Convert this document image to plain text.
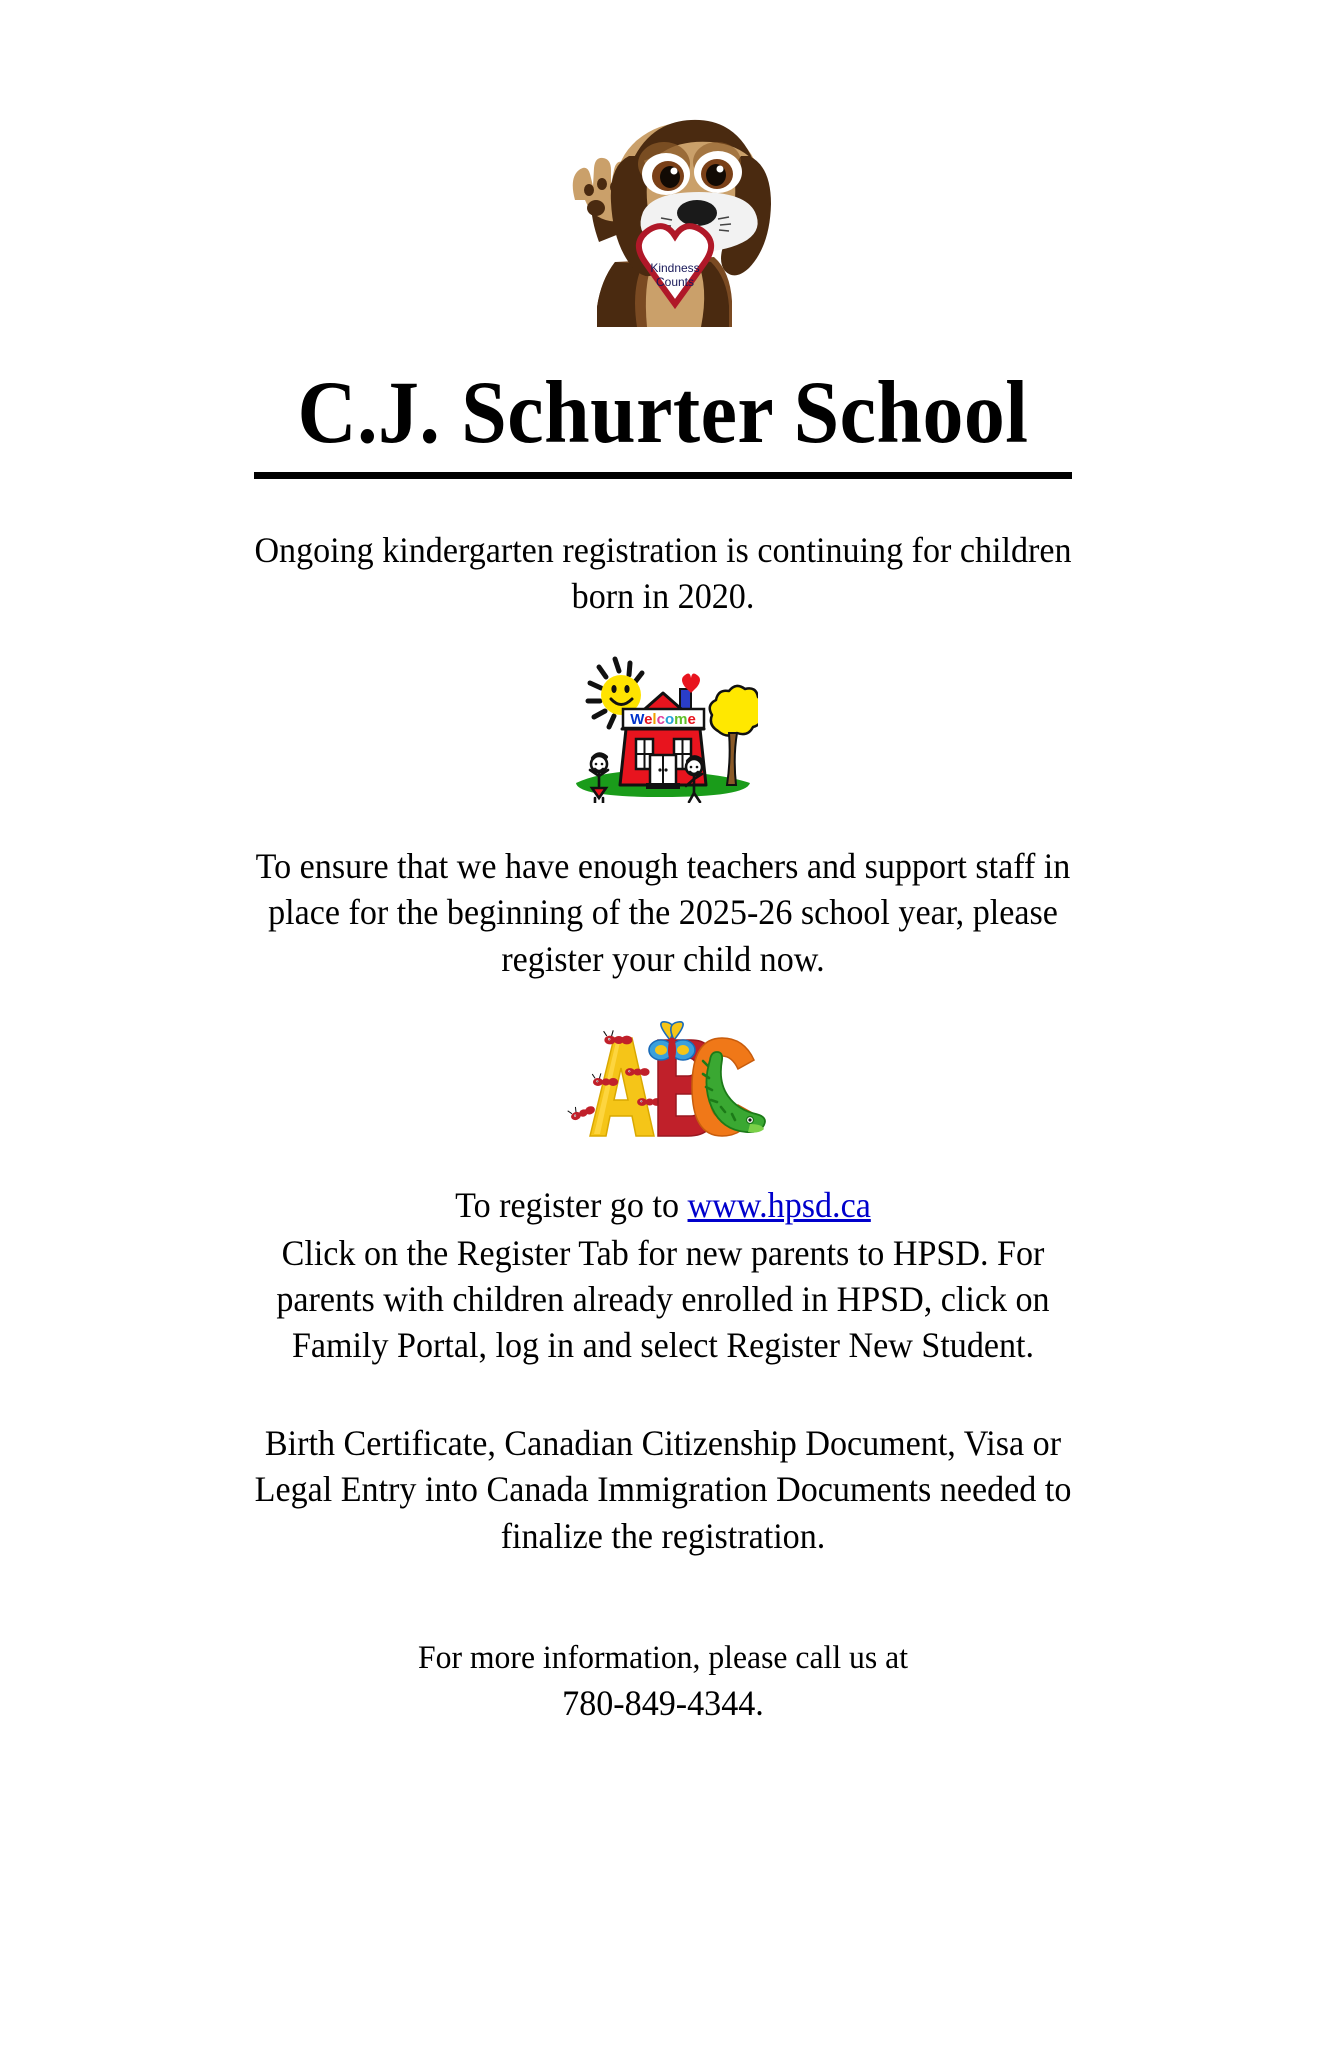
Kindness
Counts
C.J. Schurter School

Ongoing kindergarten registration is continuing for children born in 2020.

Welcome

To ensure that we have enough teachers and support staff in place for the beginning of the 2025-26 school year, please register your child now.

To register go to www.hpsd.ca

Click on the Register Tab for new parents to HPSD. For parents with children already enrolled in HPSD, click on Family Portal, log in and select Register New Student.

Birth Certificate, Canadian Citizenship Document, Visa or Legal Entry into Canada Immigration Documents needed to finalize the registration.

For more information, please call us at

780-849-4344.
